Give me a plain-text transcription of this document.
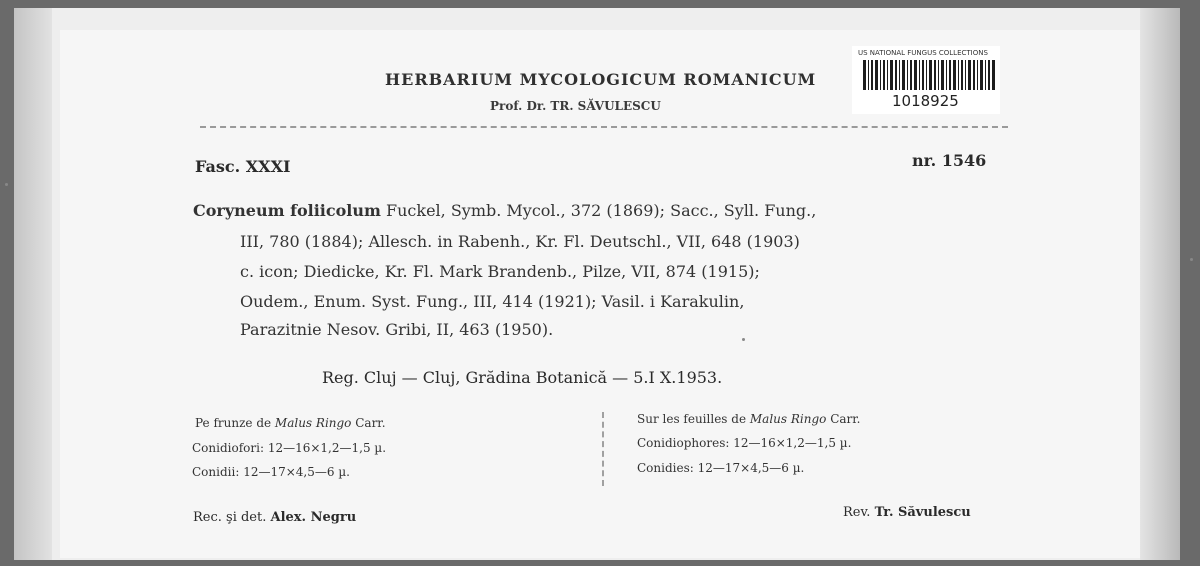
HERBARIUM MYCOLOGICUM ROMANICUM
Prof. Dr. TR. SĂVULESCU
US NATIONAL FUNGUS COLLECTIONS
1018925
Fasc. XXXI	nr. 1546
Coryneum foliicolum Fuckel, Symb. Mycol., 372 (1869); Sacc., Syll. Fung.,
III, 780 (1884); Allesch. in Rabenh., Kr. Fl. Deutschl., VII, 648 (1903)
c. icon; Diedicke, Kr. Fl. Mark Brandenb., Pilze, VII, 874 (1915);
Oudem., Enum. Syst. Fung., III, 414 (1921); Vasil. i Karakulin,
Parazitnie Nesov. Gribi, II, 463 (1950).
Reg. Cluj — Cluj, Grădina Botanică — 5.I X.1953.
Pe frunze de Malus Ringo Carr.
Conidiofori: 12—16×1,2—1,5 µ.
Conidii: 12—17×4,5—6 µ.
Sur les feuilles de Malus Ringo Carr.
Conidiophores: 12—16×1,2—1,5 µ.
Conidies: 12—17×4,5—6 µ.
Rec. şi det. Alex. Negru	Rev. Tr. Săvulescu
